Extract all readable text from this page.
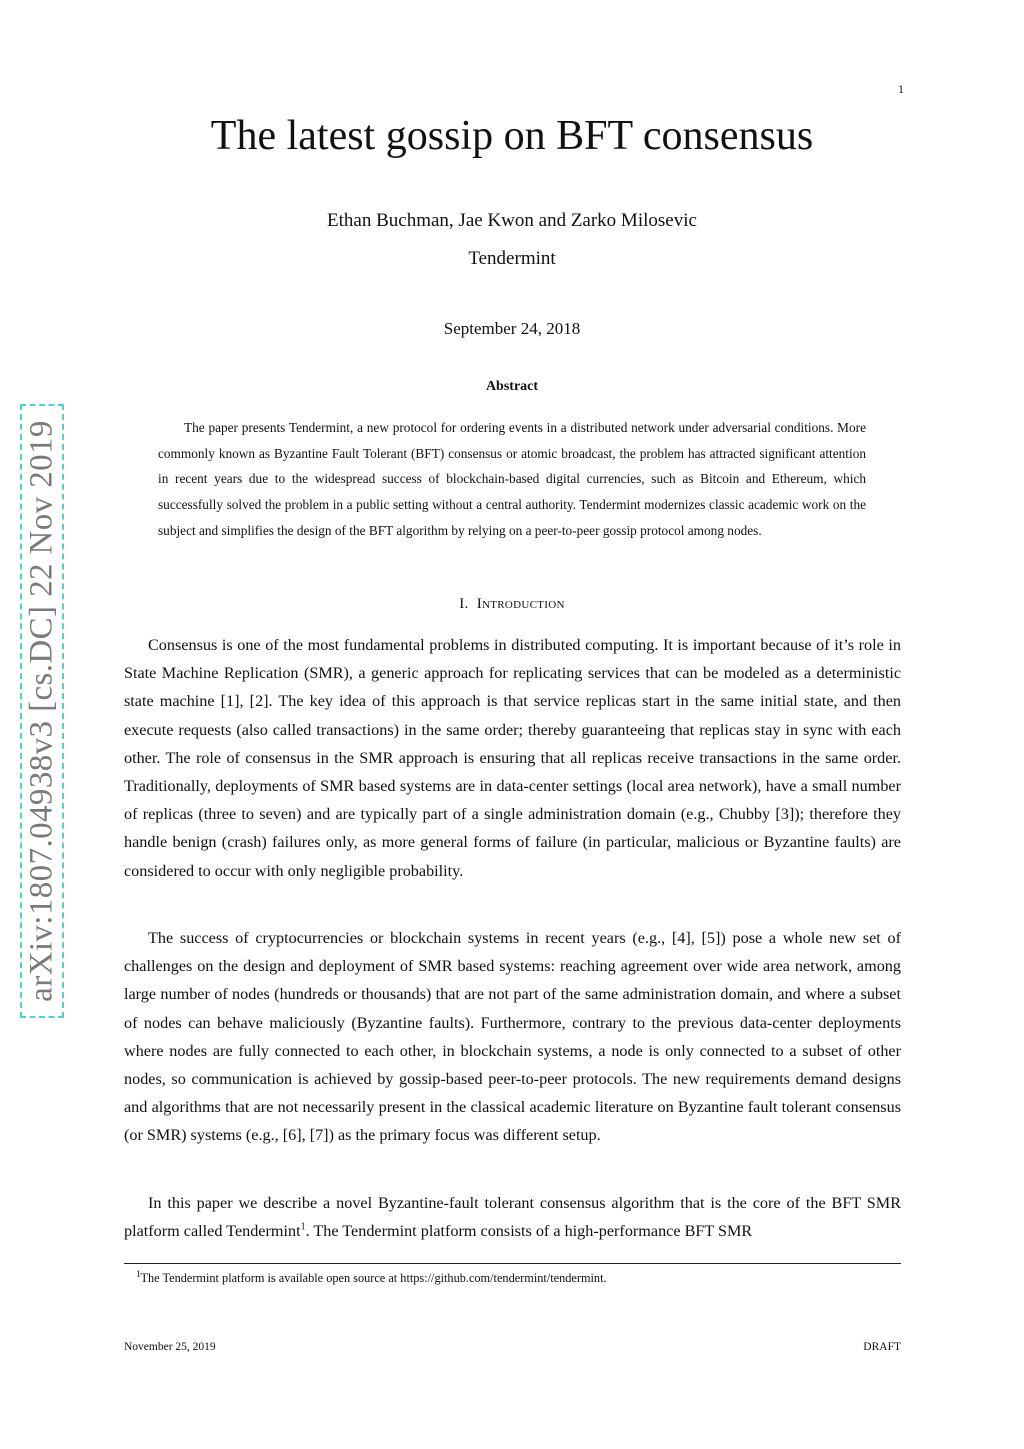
1
The latest gossip on BFT consensus
Ethan Buchman, Jae Kwon and Zarko Milosevic
Tendermint
September 24, 2018
Abstract

The paper presents Tendermint, a new protocol for ordering events in a distributed network under adversarial conditions. More commonly known as Byzantine Fault Tolerant (BFT) consensus or atomic broadcast, the problem has attracted significant attention in recent years due to the widespread success of blockchain-based digital currencies, such as Bitcoin and Ethereum, which successfully solved the problem in a public setting without a central authority. Tendermint modernizes classic academic work on the subject and simplifies the design of the BFT algorithm by relying on a peer-to-peer gossip protocol among nodes.

I. Introduction

Consensus is one of the most fundamental problems in distributed computing. It is important because of it’s role in State Machine Replication (SMR), a generic approach for replicating services that can be modeled as a deterministic state machine [1], [2]. The key idea of this approach is that service replicas start in the same initial state, and then execute requests (also called transactions) in the same order; thereby guaranteeing that replicas stay in sync with each other. The role of consensus in the SMR approach is ensuring that all replicas receive transactions in the same order. Traditionally, deployments of SMR based systems are in data-center settings (local area network), have a small number of replicas (three to seven) and are typically part of a single administration domain (e.g., Chubby [3]); therefore they handle benign (crash) failures only, as more general forms of failure (in particular, malicious or Byzantine faults) are considered to occur with only negligible probability.

The success of cryptocurrencies or blockchain systems in recent years (e.g., [4], [5]) pose a whole new set of challenges on the design and deployment of SMR based systems: reaching agreement over wide area network, among large number of nodes (hundreds or thousands) that are not part of the same administration domain, and where a subset of nodes can behave maliciously (Byzantine faults). Furthermore, contrary to the previous data-center deployments where nodes are fully connected to each other, in blockchain systems, a node is only connected to a subset of other nodes, so communication is achieved by gossip-based peer-to-peer protocols. The new requirements demand designs and algorithms that are not necessarily present in the classical academic literature on Byzantine fault tolerant consensus (or SMR) systems (e.g., [6], [7]) as the primary focus was different setup.

In this paper we describe a novel Byzantine-fault tolerant consensus algorithm that is the core of the BFT SMR platform called Tendermint$^1$. The Tendermint platform consists of a high-performance BFT SMR

$^1$The Tendermint platform is available open source at https://github.com/tendermint/tendermint.
November 25, 2019	DRAFT
arXiv:1807.04938v3 [cs.DC] 22 Nov 2019
